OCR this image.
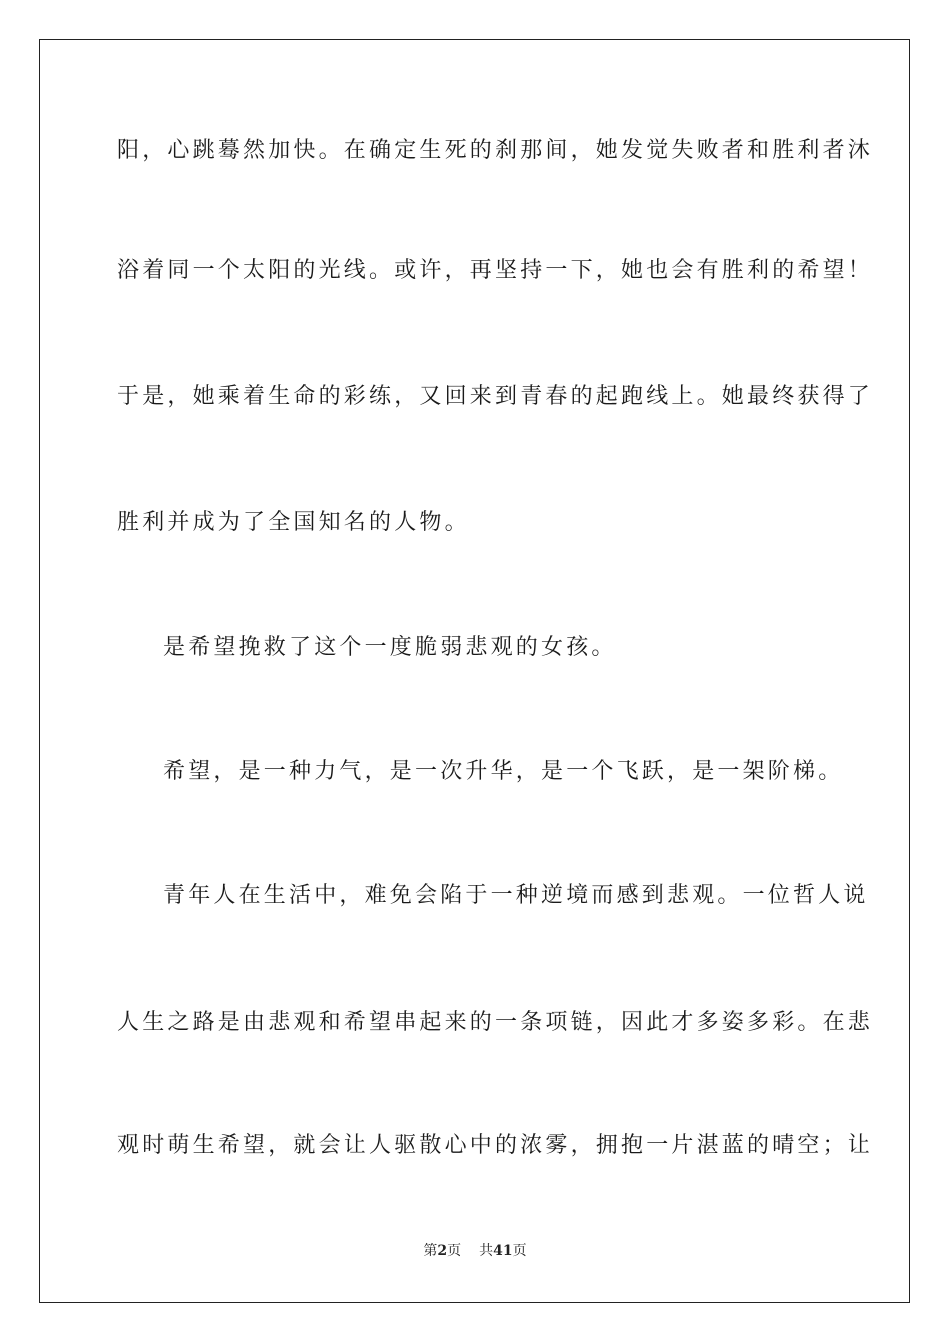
阳，心跳蓦然加快。在确定生死的刹那间，她发觉失败者和胜利者沐
浴着同一个太阳的光线。或许，再坚持一下，她也会有胜利的希望！
于是，她乘着生命的彩练，又回来到青春的起跑线上。她最终获得了
胜利并成为了全国知名的人物。
是希望挽救了这个一度脆弱悲观的女孩。
希望，是一种力气，是一次升华，是一个飞跃，是一架阶梯。
青年人在生活中，难免会陷于一种逆境而感到悲观。一位哲人说
人生之路是由悲观和希望串起来的一条项链，因此才多姿多彩。在悲
观时萌生希望，就会让人驱散心中的浓雾，拥抱一片湛蓝的晴空；让
第2页 共41页
